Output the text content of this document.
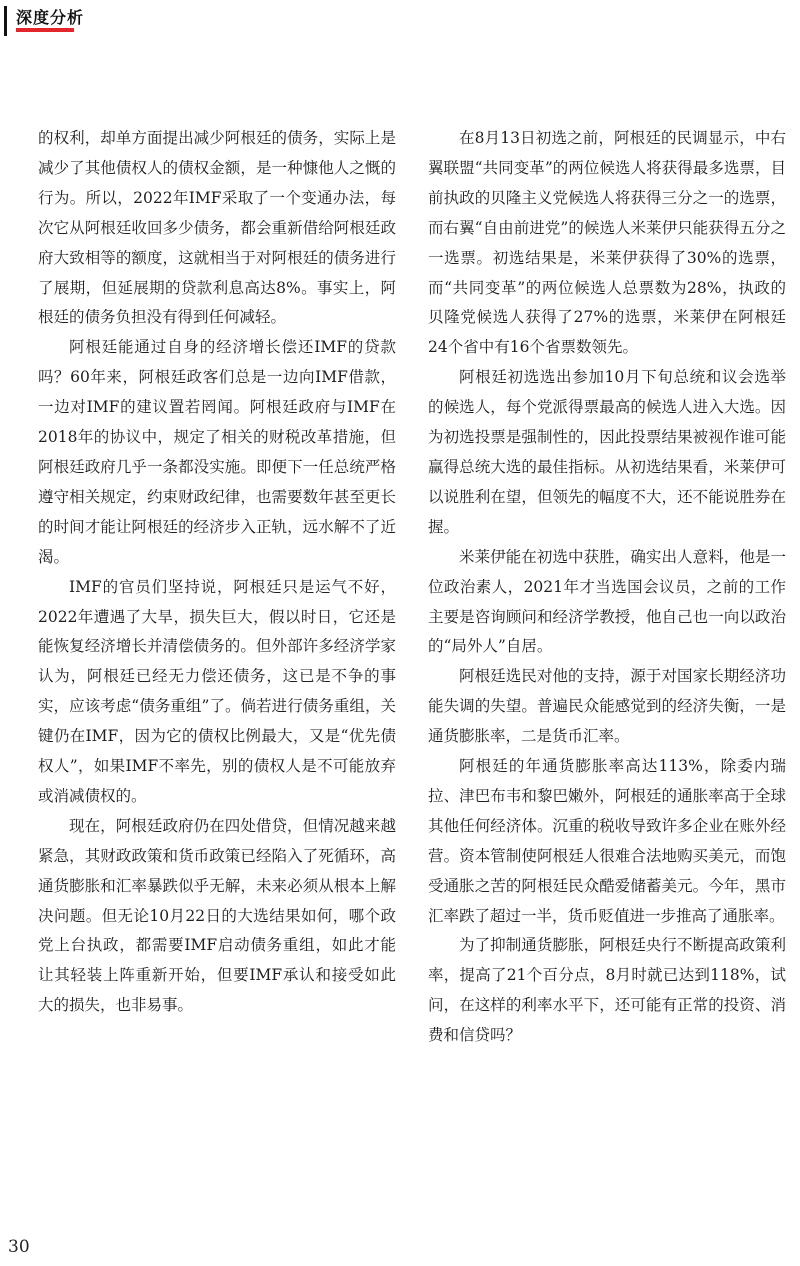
深度分析

的权利，却单方面提出减少阿根廷的债务，实际上是减少了其他债权人的债权金额，是一种慷他人之慨的行为。所以，2022年IMF采取了一个变通办法，每次它从阿根廷收回多少债务，都会重新借给阿根廷政府大致相等的额度，这就相当于对阿根廷的债务进行了展期，但延展期的贷款利息高达8%。事实上，阿根廷的债务负担没有得到任何减轻。

阿根廷能通过自身的经济增长偿还IMF的贷款吗？60年来，阿根廷政客们总是一边向IMF借款，一边对IMF的建议置若罔闻。阿根廷政府与IMF在2018年的协议中，规定了相关的财税改革措施，但阿根廷政府几乎一条都没实施。即便下一任总统严格遵守相关规定，约束财政纪律，也需要数年甚至更长的时间才能让阿根廷的经济步入正轨，远水解不了近渴。

IMF的官员们坚持说，阿根廷只是运气不好，2022年遭遇了大旱，损失巨大，假以时日，它还是能恢复经济增长并清偿债务的。但外部许多经济学家认为，阿根廷已经无力偿还债务，这已是不争的事实，应该考虑“债务重组”了。倘若进行债务重组，关键仍在IMF，因为它的债权比例最大，又是“优先债权人”，如果IMF不率先，别的债权人是不可能放弃或消减债权的。

现在，阿根廷政府仍在四处借贷，但情况越来越紧急，其财政政策和货币政策已经陷入了死循环，高通货膨胀和汇率暴跌似乎无解，未来必须从根本上解决问题。但无论10月22日的大选结果如何，哪个政党上台执政，都需要IMF启动债务重组，如此才能让其轻装上阵重新开始，但要IMF承认和接受如此大的损失，也非易事。

在8月13日初选之前，阿根廷的民调显示，中右翼联盟“共同变革”的两位候选人将获得最多选票，目前执政的贝隆主义党候选人将获得三分之一的选票，而右翼“自由前进党”的候选人米莱伊只能获得五分之一选票。初选结果是，米莱伊获得了30%的选票，而“共同变革”的两位候选人总票数为28%，执政的贝隆党候选人获得了27%的选票，米莱伊在阿根廷24个省中有16个省票数领先。

阿根廷初选选出参加10月下旬总统和议会选举的候选人，每个党派得票最高的候选人进入大选。因为初选投票是强制性的，因此投票结果被视作谁可能赢得总统大选的最佳指标。从初选结果看，米莱伊可以说胜利在望，但领先的幅度不大，还不能说胜券在握。

米莱伊能在初选中获胜，确实出人意料，他是一位政治素人，2021年才当选国会议员，之前的工作主要是咨询顾问和经济学教授，他自己也一向以政治的“局外人”自居。

阿根廷选民对他的支持，源于对国家长期经济功能失调的失望。普遍民众能感觉到的经济失衡，一是通货膨胀率，二是货币汇率。

阿根廷的年通货膨胀率高达113%，除委内瑞拉、津巴布韦和黎巴嫩外，阿根廷的通胀率高于全球其他任何经济体。沉重的税收导致许多企业在账外经营。资本管制使阿根廷人很难合法地购买美元，而饱受通胀之苦的阿根廷民众酷爱储蓄美元。今年，黑市汇率跌了超过一半，货币贬值进一步推高了通胀率。

为了抑制通货膨胀，阿根廷央行不断提高政策利率，提高了21个百分点，8月时就已达到118%，试问，在这样的利率水平下，还可能有正常的投资、消费和信贷吗？

30
